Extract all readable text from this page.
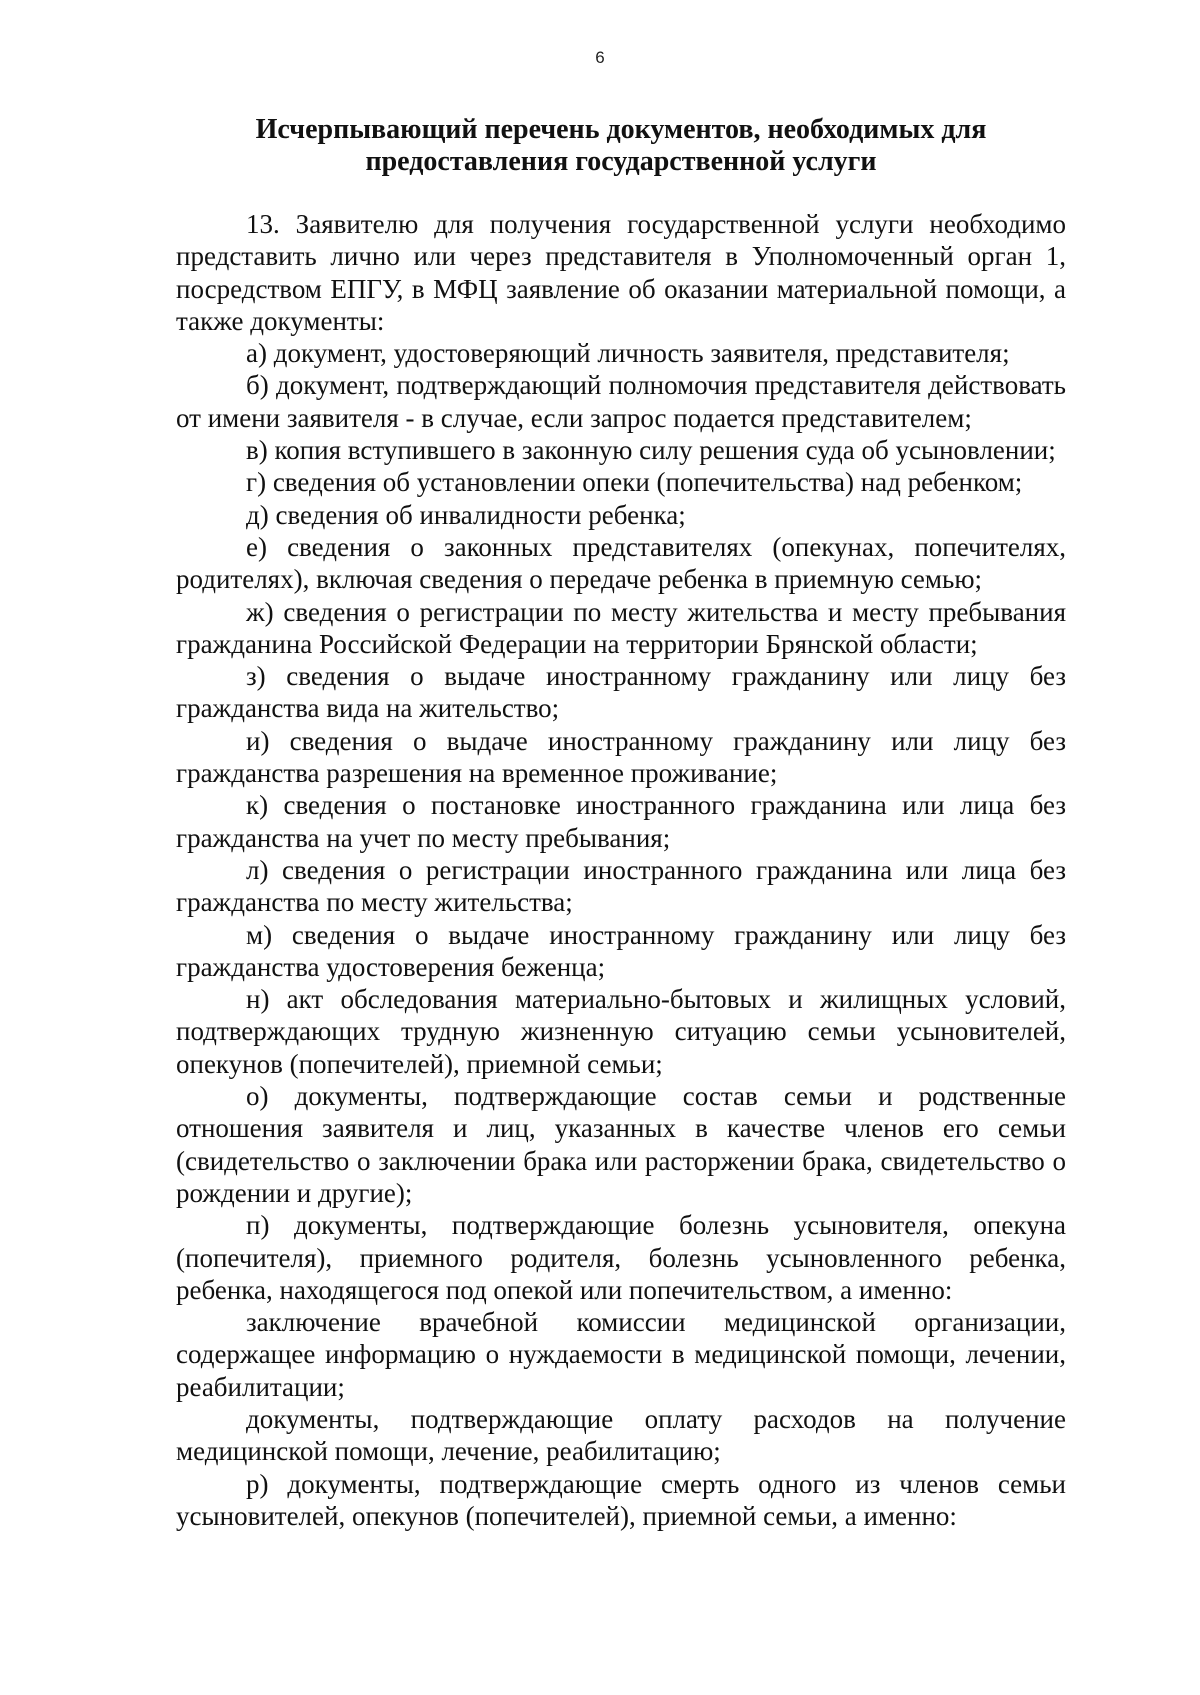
6
Исчерпывающий перечень документов, необходимых для
предоставления государственной услуги

13. Заявителю для получения государственной услуги необходимо представить лично или через представителя в Уполномоченный орган 1, посредством ЕПГУ, в МФЦ заявление об оказании материальной помощи, а также документы:

а) документ, удостоверяющий личность заявителя, представителя;

б) документ, подтверждающий полномочия представителя действовать от имени заявителя - в случае, если запрос подается представителем;

в) копия вступившего в законную силу решения суда об усыновлении;

г) сведения об установлении опеки (попечительства) над ребенком;

д) сведения об инвалидности ребенка;

е) сведения о законных представителях (опекунах, попечителях, родителях), включая сведения о передаче ребенка в приемную семью;

ж) сведения о регистрации по месту жительства и месту пребывания гражданина Российской Федерации на территории Брянской области;

з) сведения о выдаче иностранному гражданину или лицу без гражданства вида на жительство;

и) сведения о выдаче иностранному гражданину или лицу без гражданства разрешения на временное проживание;

к) сведения о постановке иностранного гражданина или лица без гражданства на учет по месту пребывания;

л) сведения о регистрации иностранного гражданина или лица без гражданства по месту жительства;

м) сведения о выдаче иностранному гражданину или лицу без гражданства удостоверения беженца;

н) акт обследования материально-бытовых и жилищных условий, подтверждающих трудную жизненную ситуацию семьи усыновителей, опекунов (попечителей), приемной семьи;

о) документы, подтверждающие состав семьи и родственные отношения заявителя и лиц, указанных в качестве членов его семьи (свидетельство о заключении брака или расторжении брака, свидетельство о рождении и другие);

п) документы, подтверждающие болезнь усыновителя, опекуна (попечителя), приемного родителя, болезнь усыновленного ребенка, ребенка, находящегося под опекой или попечительством, а именно:

заключение врачебной комиссии медицинской организации, содержащее информацию о нуждаемости в медицинской помощи, лечении, реабилитации;

документы, подтверждающие оплату расходов на получение медицинской помощи, лечение, реабилитацию;

р) документы, подтверждающие смерть одного из членов семьи усыновителей, опекунов (попечителей), приемной семьи, а именно:
